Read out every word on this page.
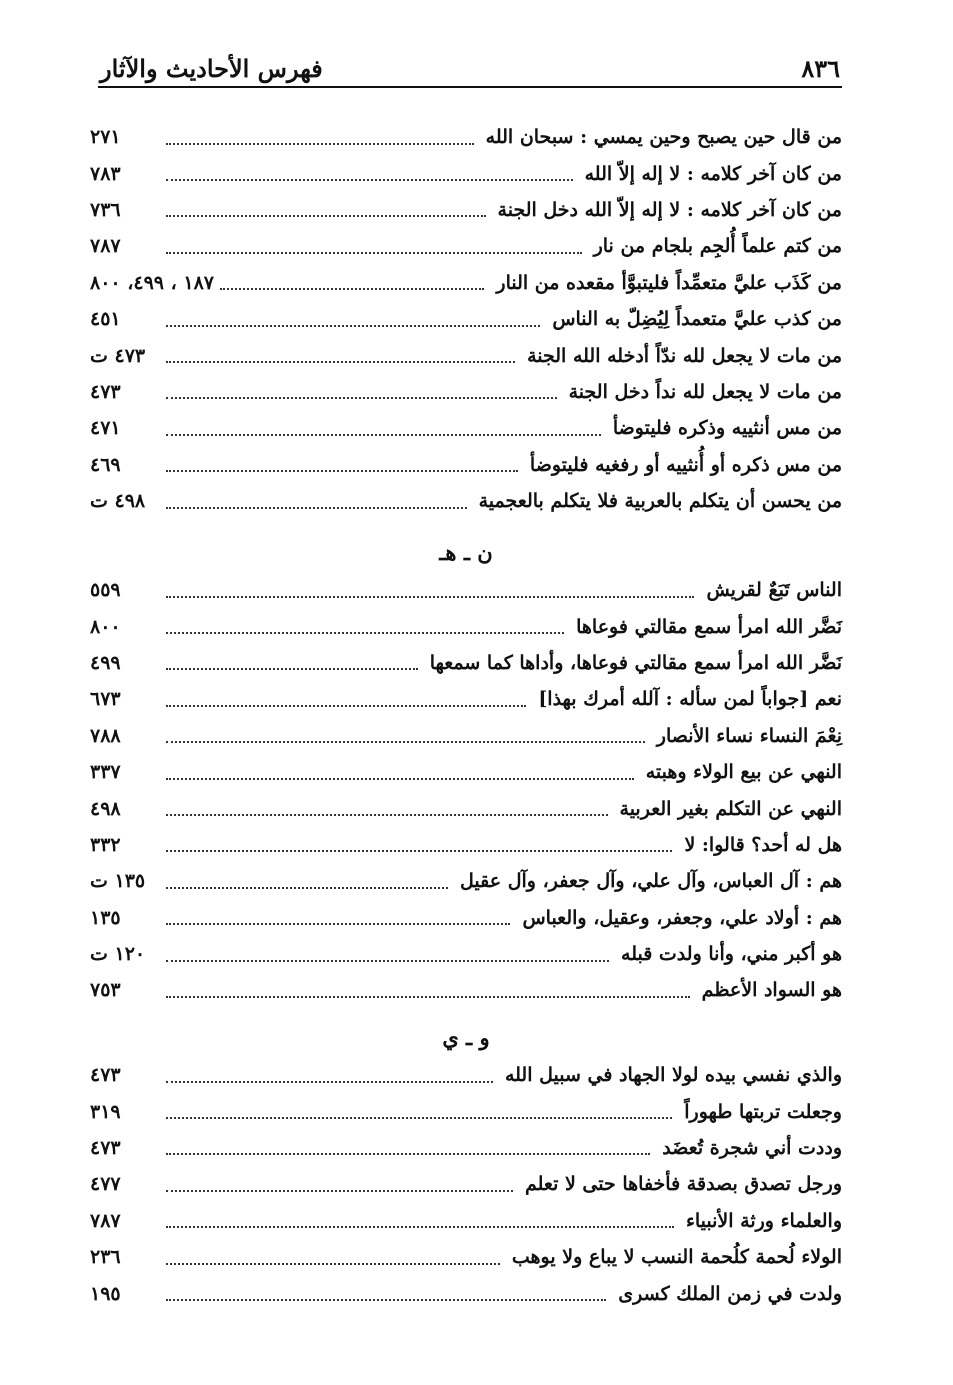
٨٣٦
فهرس الأحاديث والآثار
من قال حين يصبح وحين يمسي : سبحان الله
٢٧١
من كان آخر كلامه : لا إله إلاّ الله
٧٨٣
من كان آخر كلامه : لا إله إلاّ الله دخل الجنة
٧٣٦
من كتم علماً أُلجِم بلجام من نار
٧٨٧
من كَذَب عليَّ متعمِّداً فليتبوَّأ مقعده من النار
١٨٧ ، ٤٩٩، ٨٠٠
من كذب عليَّ متعمداً لِيُضِلّ به الناس
٤٥١
من مات لا يجعل لله ندّاً أدخله الله الجنة
٤٧٣ ت
من مات لا يجعل لله نداً دخل الجنة
٤٧٣
من مس أنثييه وذكره فليتوضأ
٤٧١
من مس ذكره أو أُنثييه أو رفغيه فليتوضأ
٤٦٩
من يحسن أن يتكلم بالعربية فلا يتكلم بالعجمية
٤٩٨ ت
ن ـ هـ
الناس تَبَعٌ لقريش
٥٥٩
نَضَّر الله امرأ سمع مقالتي فوعاها
٨٠٠
نَضَّر الله امرأ سمع مقالتي فوعاها، وأداها كما سمعها
٤٩٩
نعم [جواباً لمن سأله : آلله أمرك بهذا]
٦٧٣
نِعْمَ النساء نساء الأنصار
٧٨٨
النهي عن بيع الولاء وهبته
٣٣٧
النهي عن التكلم بغير العربية
٤٩٨
هل له أحد؟ قالوا: لا
٣٣٢
هم : آل العباس، وآل علي، وآل جعفر، وآل عقيل
١٣٥ ت
هم : أولاد علي، وجعفر، وعقيل، والعباس
١٣٥
هو أكبر مني، وأنا ولدت قبله
١٢٠ ت
هو السواد الأعظم
٧٥٣
و ـ ي
والذي نفسي بيده لولا الجهاد في سبيل الله
٤٧٣
وجعلت تربتها طهوراً
٣١٩
وددت أني شجرة تُعضَد
٤٧٣
ورجل تصدق بصدقة فأخفاها حتى لا تعلم
٤٧٧
والعلماء ورثة الأنبياء
٧٨٧
الولاء لُحمة كلُحمة النسب لا يباع ولا يوهب
٢٣٦
ولدت في زمن الملك كسرى
١٩٥
